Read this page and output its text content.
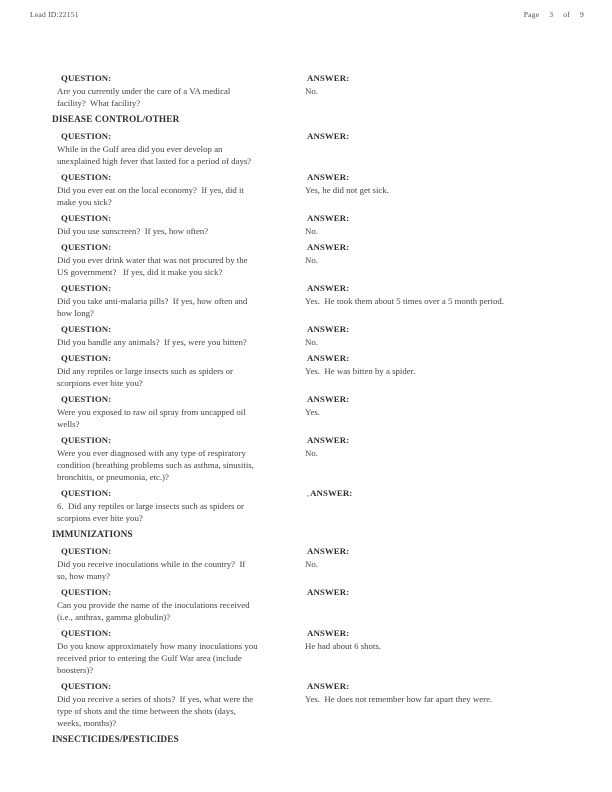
Lead ID:22151	Page 3 of 9
QUESTION:
Are you currently under the care of a VA medical
facility?  What facility?
ANSWER:
No.
DISEASE CONTROL/OTHER
QUESTION:
While in the Gulf area did you ever develop an
unexplained high fever that lasted for a period of days?
ANSWER:
QUESTION:
Did you ever eat on the local economy?  If yes, did it
make you sick?
ANSWER:
Yes, he did not get sick.
QUESTION:
Did you use sunscreen?  If yes, how often?
ANSWER:
No.
QUESTION:
Did you ever drink water that was not procured by the
US government?   If yes, did it make you sick?
ANSWER:
No.
QUESTION:
Did you take anti-malaria pills?  If yes, how often and
how long?
ANSWER:
Yes.  He took them about 5 times over a 5 month period.
QUESTION:
Did you handle any animals?  If yes, were you bitten?
ANSWER:
No.
QUESTION:
Did any reptiles or large insects such as spiders or
scorpions ever bite you?
ANSWER:
Yes.  He was bitten by a spider.
QUESTION:
Were you exposed to raw oil spray from uncapped oil
wells?
ANSWER:
Yes.
QUESTION:
Were you ever diagnosed with any type of respiratory
condition (breathing problems such as asthma, sinusitis,
bronchitis, or pneumonia, etc.)?
ANSWER:
No.
QUESTION:
6.  Did any reptiles or large insects such as spiders or
scorpions ever bite you?
,ANSWER:
IMMUNIZATIONS
QUESTION:
Did you receive inoculations while in the country?  If
so, how many?
ANSWER:
No.
QUESTION:
Can you provide the name of the inoculations received
(i.e., anthrax, gamma globulin)?
ANSWER:
QUESTION:
Do you know approximately how many inoculations you
received prior to entering the Gulf War area (include
boosters)?
ANSWER:
He had about 6 shots.
QUESTION:
Did you receive a series of shots?  If yes, what were the
type of shots and the time between the shots (days,
weeks, months)?
ANSWER:
Yes.  He does not remember how far apart they were.
INSECTICIDES/PESTICIDES
